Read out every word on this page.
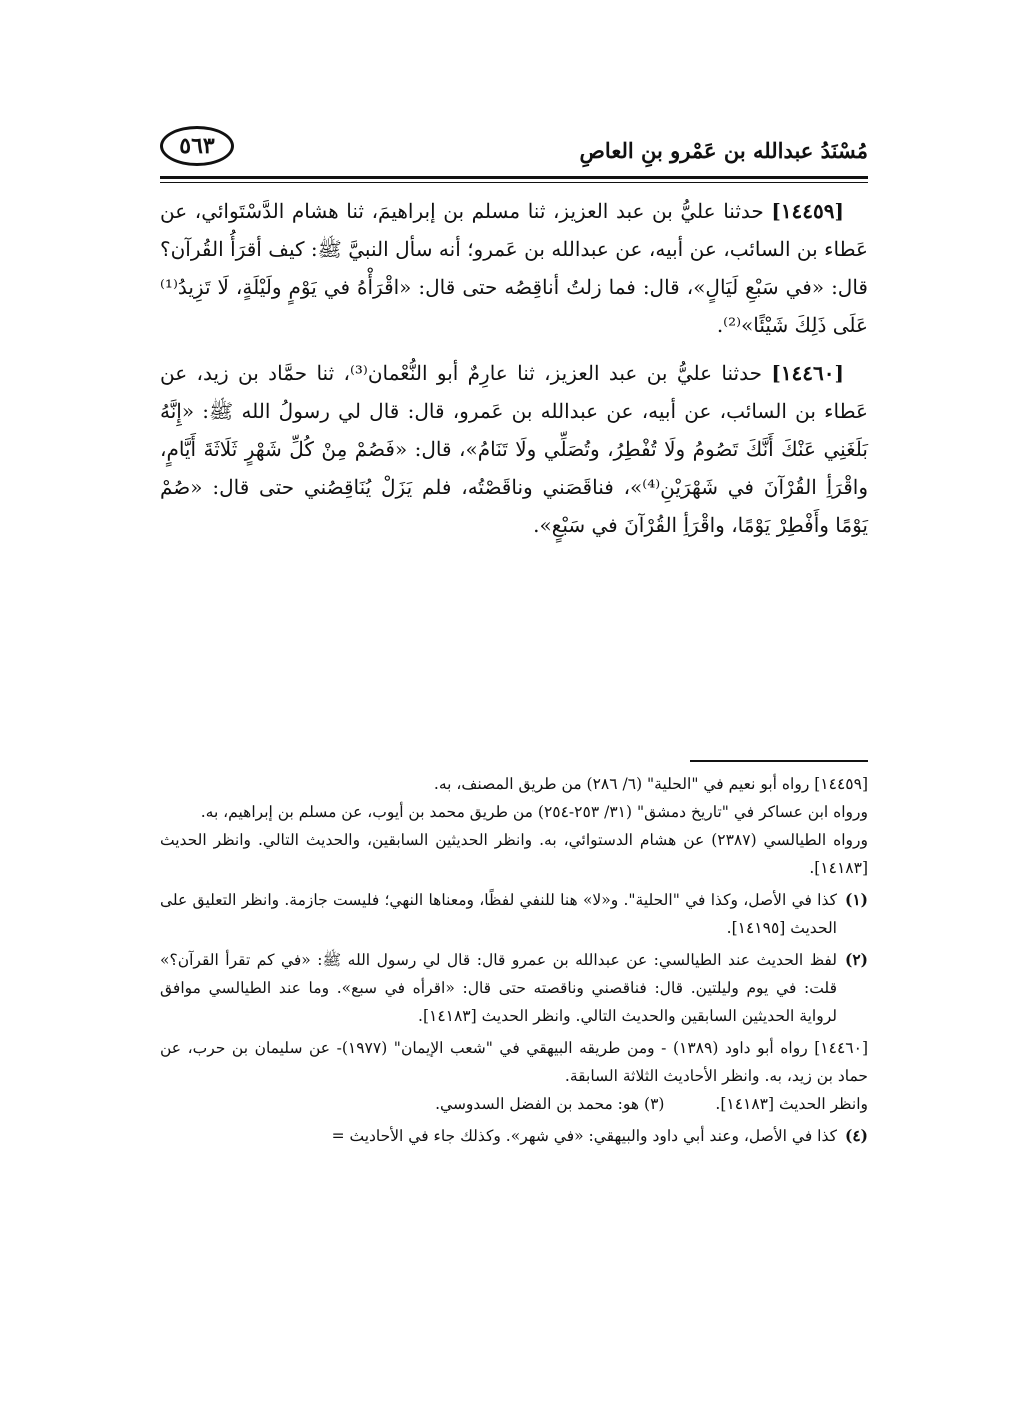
مُسْنَدُ عبدالله بن عَمْرو بنِ العاصِ
٥٦٣

[١٤٤٥٩] حدثنا عليُّ بن عبد العزيز، ثنا مسلم بن إبراهيمَ، ثنا هشام الدَّسْتَوائي، عن عَطاء بن السائب، عن أبيه، عن عبدالله بن عَمرو؛ أنه سأل النبيَّ ﷺ: كيف أقرَأُ القُرآن؟ قال: «في سَبْعِ لَيَالٍ»، قال: فما زلتُ أناقِصُه حتى قال: «اقْرَأْهُ في يَوْمٍ ولَيْلَةٍ، لَا تَزِيدُ⁽¹⁾ عَلَى ذَلِكَ شَيْئًا»⁽²⁾.

[١٤٤٦٠] حدثنا عليُّ بن عبد العزيز، ثنا عارِمٌ أبو النُّعْمان⁽³⁾، ثنا حمَّاد بن زيد، عن عَطاء بن السائب، عن أبيه، عن عبدالله بن عَمرو، قال: قال لي رسولُ الله ﷺ: «إِنَّهُ بَلَغَنِي عَنْكَ أَنَّكَ تَصُومُ ولَا تُفْطِرُ، وتُصَلِّي ولَا تَنَامُ»، قال: «فَصُمْ مِنْ كُلِّ شَهْرٍ ثَلَاثَةَ أَيَّامٍ، واقْرَأِ القُرْآنَ في شَهْرَيْنِ⁽⁴⁾»، فناقَصَني وناقَصْتُه، فلم يَزَلْ يُنَاقِصُني حتى قال: «صُمْ يَوْمًا وأَفْطِرْ يَوْمًا، واقْرَأِ القُرْآنَ في سَبْعٍ».

[١٤٤٥٩] رواه أبو نعيم في "الحلية" (٦/ ٢٨٦) من طريق المصنف، به.

ورواه ابن عساكر في "تاريخ دمشق" (٣١/ ٢٥٣-٢٥٤) من طريق محمد بن أيوب، عن مسلم بن إبراهيم، به.

ورواه الطيالسي (٢٣٨٧) عن هشام الدستوائي، به. وانظر الحديثين السابقين، والحديث التالي. وانظر الحديث [١٤١٨٣].

(١)

كذا في الأصل، وكذا في "الحلية". و«لا» هنا للنفي لفظًا، ومعناها النهي؛ فليست جازمة. وانظر التعليق على الحديث [١٤١٩٥].

(٢)

لفظ الحديث عند الطيالسي: عن عبدالله بن عمرو قال: قال لي رسول الله ﷺ: «في كم تقرأ القرآن؟» قلت: في يوم وليلتين. قال: فناقصني وناقصته حتى قال: «اقرأه في سبع». وما عند الطيالسي موافق لرواية الحديثين السابقين والحديث التالي. وانظر الحديث [١٤١٨٣].

[١٤٤٦٠] رواه أبو داود (١٣٨٩) - ومن طريقه البيهقي في "شعب الإيمان" (١٩٧٧)- عن سليمان بن حرب، عن حماد بن زيد، به. وانظر الأحاديث الثلاثة السابقة.

وانظر الحديث [١٤١٨٣]. (٣) هو: محمد بن الفضل السدوسي.

(٤)

كذا في الأصل، وعند أبي داود والبيهقي: «في شهر». وكذلك جاء في الأحاديث =
